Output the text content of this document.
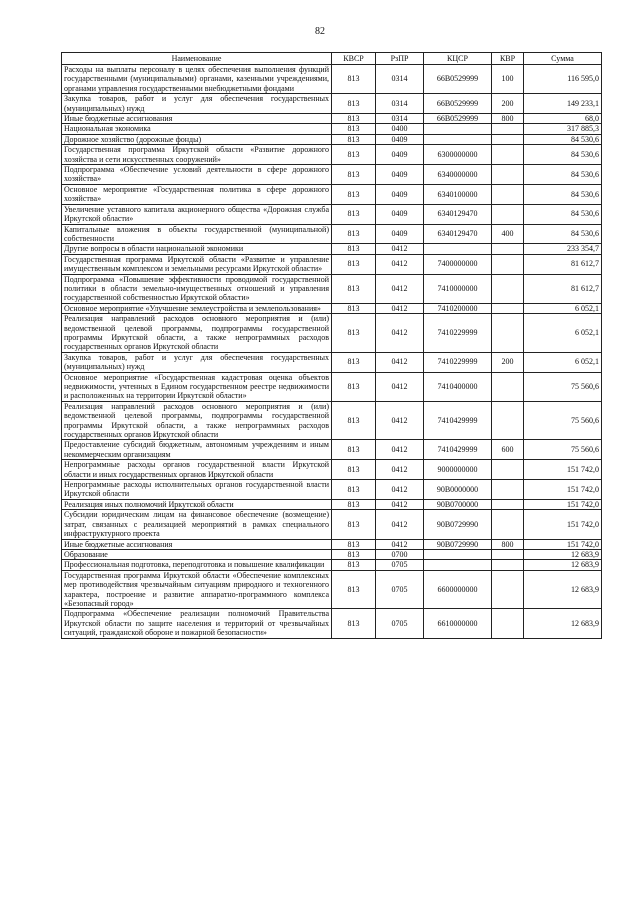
82
Наименование	КВСР	РзПР	КЦСР	КВР	Сумма
Расходы на выплаты персоналу в целях обеспечения выполнения функций государственными (муниципальными) органами, казенными учреждениями, органами управления государственными внебюджетными фондами	813	0314	66В0529999	100	116 595,0
Закупка товаров, работ и услуг для обеспечения государственных (муниципальных) нужд	813	0314	66В0529999	200	149 233,1
Иные бюджетные ассигнования	813	0314	66В0529999	800	68,0
Национальная экономика	813	0400			317 885,3
Дорожное хозяйство (дорожные фонды)	813	0409			84 530,6
Государственная программа Иркутской области «Развитие дорожного хозяйства и сети искусственных сооружений»	813	0409	6300000000		84 530,6
Подпрограмма «Обеспечение условий деятельности в сфере дорожного хозяйства»	813	0409	6340000000		84 530,6
Основное мероприятие «Государственная политика в сфере дорожного хозяйства»	813	0409	6340100000		84 530,6
Увеличение уставного капитала акционерного общества «Дорожная служба Иркутской области»	813	0409	6340129470		84 530,6
Капитальные вложения в объекты государственной (муниципальной) собственности	813	0409	6340129470	400	84 530,6
Другие вопросы в области национальной экономики	813	0412			233 354,7
Государственная программа Иркутской области «Развитие и управление имущественным комплексом и земельными ресурсами Иркутской области»	813	0412	7400000000		81 612,7
Подпрограмма «Повышение эффективности проводимой государственной политики в области земельно-имущественных отношений и управления государственной собственностью Иркутской области»	813	0412	7410000000		81 612,7
Основное мероприятие «Улучшение землеустройства и землепользования»	813	0412	7410200000		6 052,1
Реализация направлений расходов основного мероприятия и (или) ведомственной целевой программы, подпрограммы государственной программы Иркутской области, а также непрограммных расходов государственных органов Иркутской области	813	0412	7410229999		6 052,1
Закупка товаров, работ и услуг для обеспечения государственных (муниципальных) нужд	813	0412	7410229999	200	6 052,1
Основное мероприятие «Государственная кадастровая оценка объектов недвижимости, учтенных в Едином государственном реестре недвижимости и расположенных на территории Иркутской области»	813	0412	7410400000		75 560,6
Реализация направлений расходов основного мероприятия и (или) ведомственной целевой программы, подпрограммы государственной программы Иркутской области, а также непрограммных расходов государственных органов Иркутской области	813	0412	7410429999		75 560,6
Предоставление субсидий бюджетным, автономным учреждениям и иным некоммерческим организациям	813	0412	7410429999	600	75 560,6
Непрограммные расходы органов государственной власти Иркутской области и иных государственных органов Иркутской области	813	0412	9000000000		151 742,0
Непрограммные расходы исполнительных органов государственной власти Иркутской области	813	0412	90В0000000		151 742,0
Реализация иных полномочий Иркутской области	813	0412	90В0700000		151 742,0
Субсидии юридическим лицам на финансовое обеспечение (возмещение) затрат, связанных с реализацией мероприятий в рамках специального инфраструктурного проекта	813	0412	90В0729990		151 742,0
Иные бюджетные ассигнования	813	0412	90В0729990	800	151 742,0
Образование	813	0700			12 683,9
Профессиональная подготовка, переподготовка и повышение квалификации	813	0705			12 683,9
Государственная программа Иркутской области «Обеспечение комплексных мер противодействия чрезвычайным ситуациям природного и техногенного характера, построение и развитие аппаратно-программного комплекса «Безопасный город»	813	0705	6600000000		12 683,9
Подпрограмма «Обеспечение реализации полномочий Правительства Иркутской области по защите населения и территорий от чрезвычайных ситуаций, гражданской обороне и пожарной безопасности»	813	0705	6610000000		12 683,9
